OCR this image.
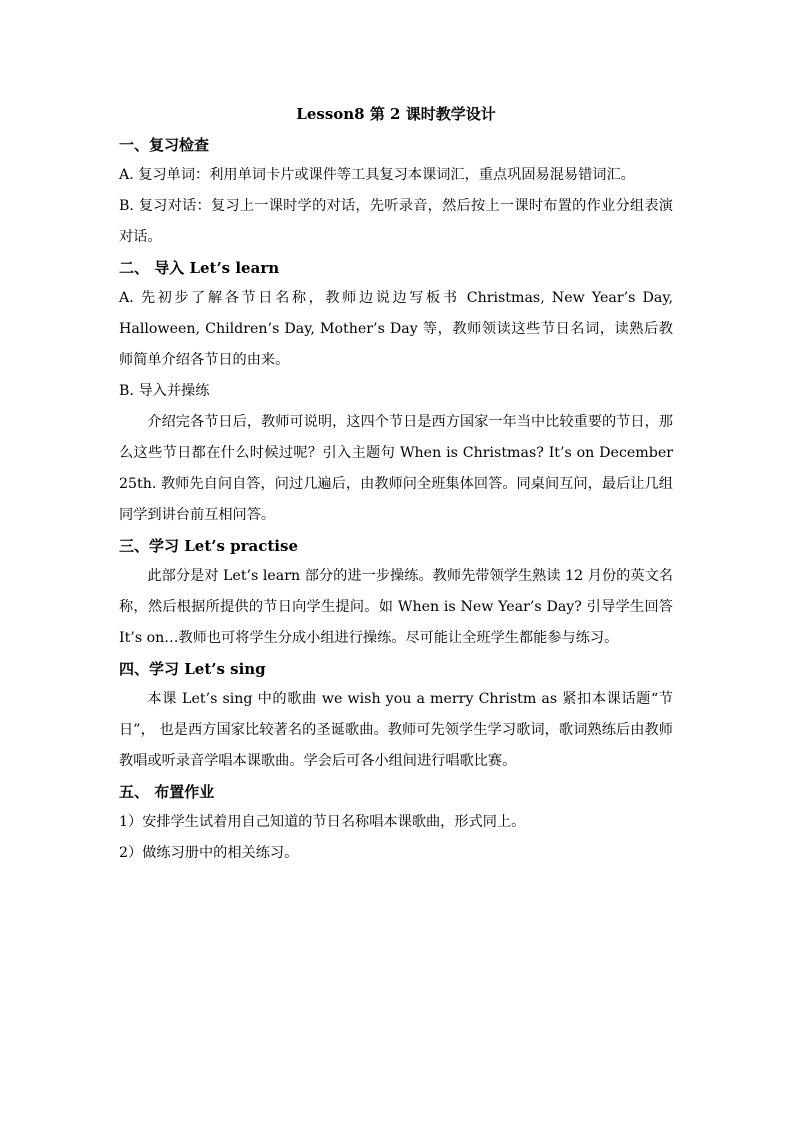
Lesson8 第 2 课时教学设计
一、复习检查

A. 复习单词：利用单词卡片或课件等工具复习本课词汇，重点巩固易混易错词汇。

B. 复习对话：复习上一课时学的对话，先听录音，然后按上一课时布置的作业分组表演对话。

二、 导入 Let’s learn

A. 先初步了解各节日名称，教师边说边写板书 Christmas, New Year’s Day, Halloween, Children’s Day, Mother’s Day 等，教师领读这些节日名词，读熟后教师简单介绍各节日的由来。

B. 导入并操练

介绍完各节日后，教师可说明，这四个节日是西方国家一年当中比较重要的节日，那么这些节日都在什么时候过呢？引入主题句 When is Christmas? It’s on December 25th. 教师先自问自答，问过几遍后，由教师问全班集体回答。同桌间互问，最后让几组同学到讲台前互相问答。

三、学习 Let’s practise

此部分是对 Let’s learn 部分的进一步操练。教师先带领学生熟读 12 月份的英文名称，然后根据所提供的节日向学生提问。如 When is New Year’s Day? 引导学生回答 It’s on…教师也可将学生分成小组进行操练。尽可能让全班学生都能参与练习。

四、学习 Let’s sing

本课 Let’s sing 中的歌曲 we wish you a merry Christm as 紧扣本课话题“节日”， 也是西方国家比较著名的圣诞歌曲。教师可先领学生学习歌词，歌词熟练后由教师教唱或听录音学唱本课歌曲。学会后可各小组间进行唱歌比赛。

五、 布置作业

1）安排学生试着用自己知道的节日名称唱本课歌曲，形式同上。

2）做练习册中的相关练习。
